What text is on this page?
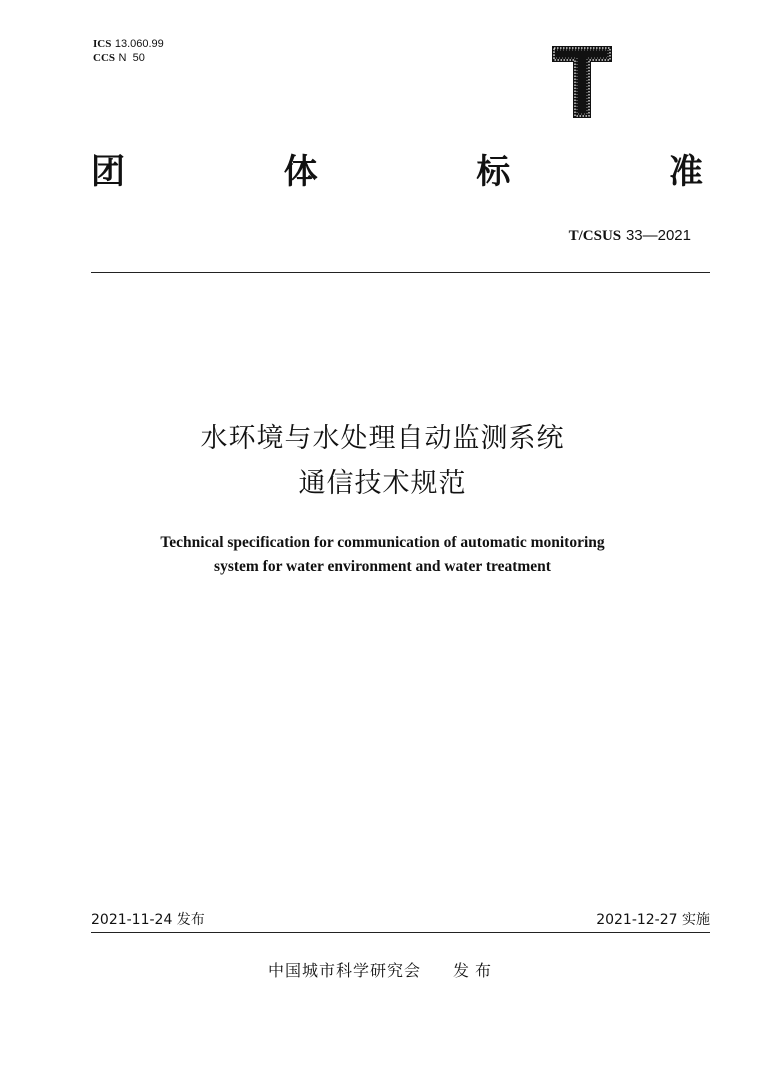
ICS 13.060.99
CCS N  50
团	体	标	准
T/CSUS 33—2021
水环境与水处理自动监测系统
通信技术规范
Technical specification for communication of automatic monitoring
system for water environment and water treatment
2021-11-24 发布	2021-12-27 实施
中国城市科学研究会 发布
